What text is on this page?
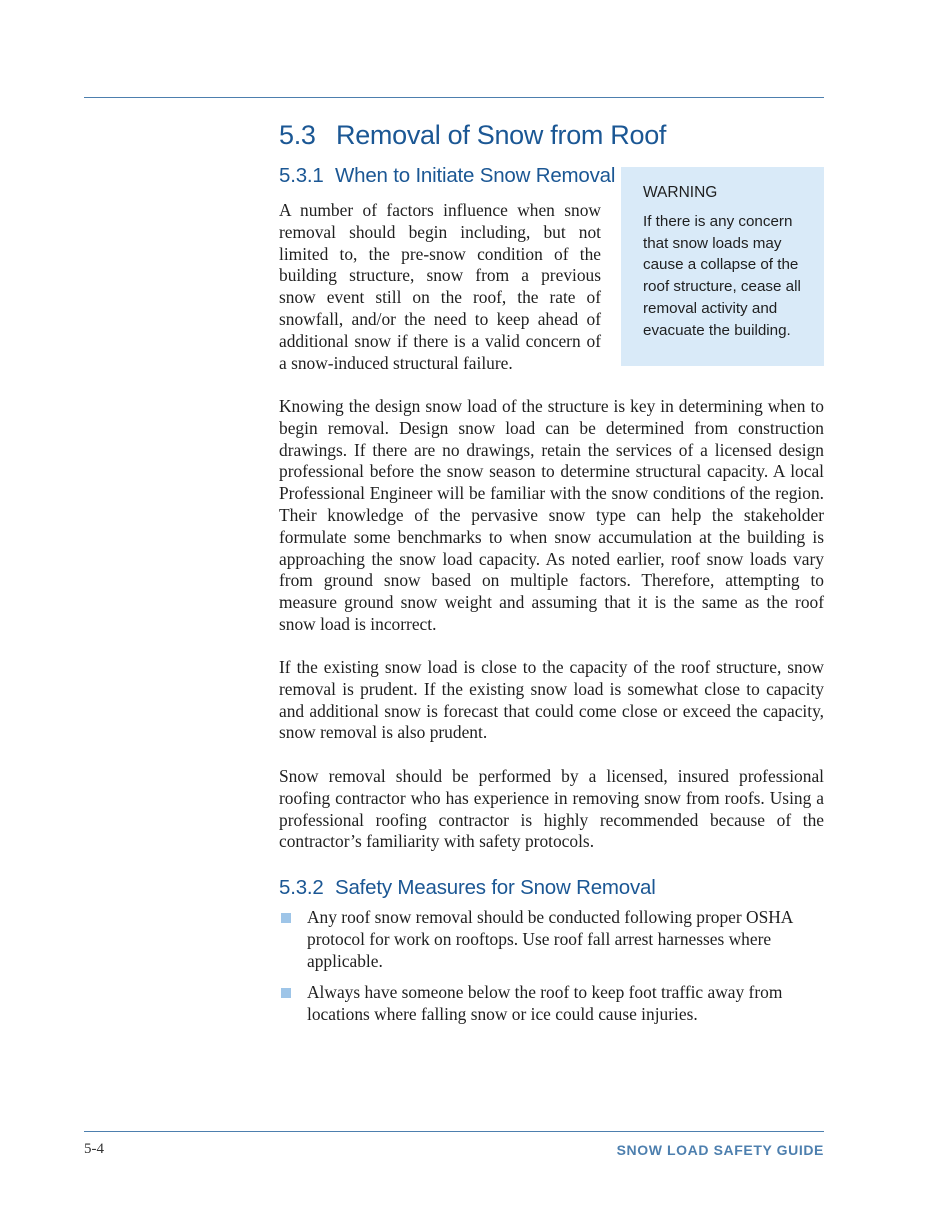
5.3 Removal of Snow from Roof
5.3.1 When to Initiate Snow Removal

A number of factors influence when snow removal should begin including, but not limited to, the pre-snow condition of the building structure, snow from a previous snow event still on the roof, the rate of snowfall, and/or the need to keep ahead of additional snow if there is a valid concern of a snow-induced structural failure.

WARNING

If there is any concern that snow loads may cause a collapse of the roof structure, cease all removal activity and evacuate the building.

Knowing the design snow load of the structure is key in determining when to begin removal. Design snow load can be determined from construction drawings. If there are no drawings, retain the services of a licensed design professional before the snow season to determine structural capacity. A local Professional Engineer will be familiar with the snow conditions of the region. Their knowledge of the pervasive snow type can help the stakeholder formulate some benchmarks to when snow accumulation at the building is approaching the snow load capacity. As noted earlier, roof snow loads vary from ground snow based on multiple factors. Therefore, attempting to measure ground snow weight and assuming that it is the same as the roof snow load is incorrect.

If the existing snow load is close to the capacity of the roof structure, snow removal is prudent. If the existing snow load is somewhat close to capacity and additional snow is forecast that could come close or exceed the capacity, snow removal is also prudent.

Snow removal should be performed by a licensed, insured professional roofing contractor who has experience in removing snow from roofs. Using a professional roofing contractor is highly recommended because of the contractor’s familiarity with safety protocols.

5.3.2 Safety Measures for Snow Removal
Any roof snow removal should be conducted following proper OSHA protocol for work on rooftops. Use roof fall arrest harnesses where applicable.
Always have someone below the roof to keep foot traffic away from locations where falling snow or ice could cause injuries.
5-4	SNOW LOAD SAFETY GUIDE
